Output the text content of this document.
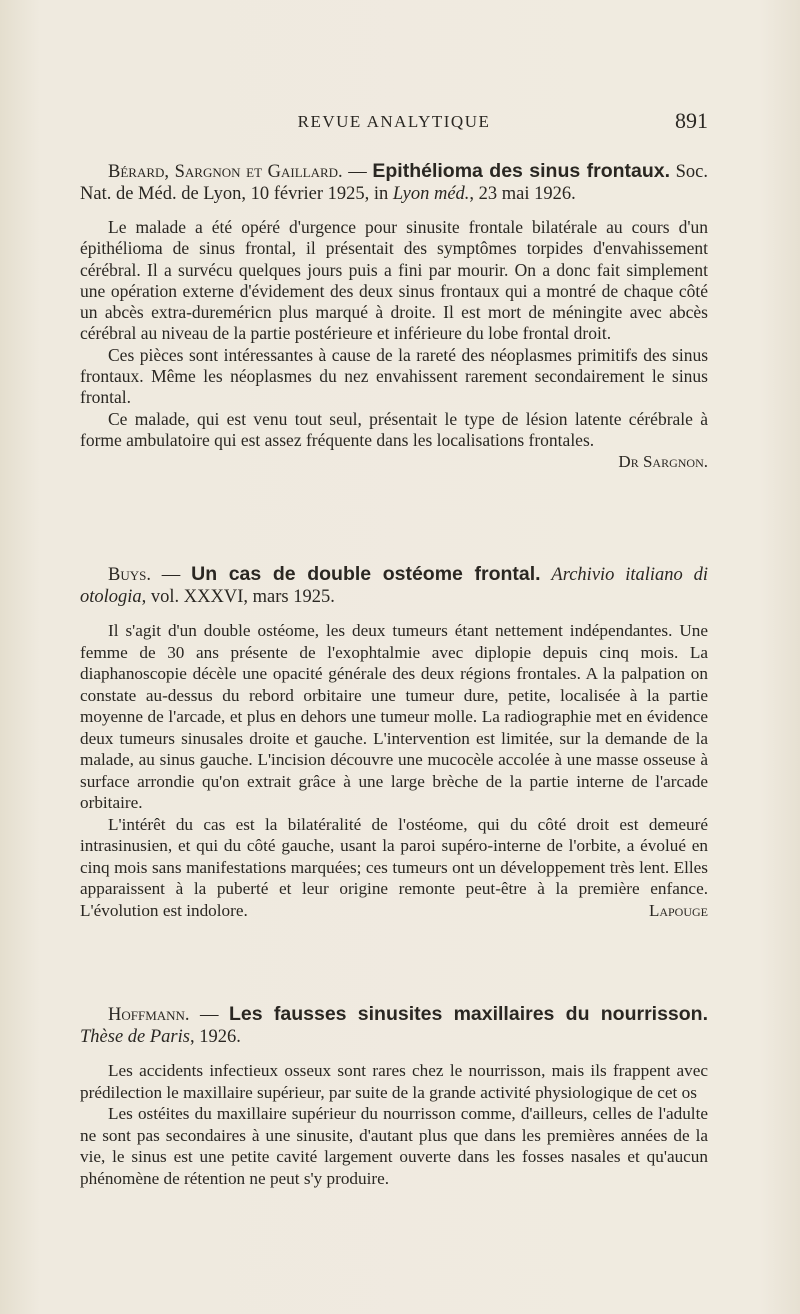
REVUE ANALYTIQUE	891

Bérard, Sargnon et Gaillard. — Epithélioma des sinus frontaux. Soc. Nat. de Méd. de Lyon, 10 février 1925, in Lyon méd., 23 mai 1926.

Le malade a été opéré d'urgence pour sinusite frontale bilatérale au cours d'un épithélioma de sinus frontal, il présentait des symptômes torpides d'envahissement cérébral. Il a survécu quelques jours puis a fini par mourir. On a donc fait simplement une opération externe d'évidement des deux sinus frontaux qui a montré de chaque côté un abcès extra-dureméricn plus marqué à droite. Il est mort de méningite avec abcès cérébral au niveau de la partie postérieure et inférieure du lobe frontal droit.

Ces pièces sont intéressantes à cause de la rareté des néoplasmes primitifs des sinus frontaux. Même les néoplasmes du nez envahissent rarement secondairement le sinus frontal.

Ce malade, qui est venu tout seul, présentait le type de lésion latente cérébrale à forme ambulatoire qui est assez fréquente dans les localisations frontales.
Dr Sargnon.

Buys. — Un cas de double ostéome frontal. Archivio italiano di otologia, vol. XXXVI, mars 1925.

Il s'agit d'un double ostéome, les deux tumeurs étant nettement indépendantes. Une femme de 30 ans présente de l'exophtalmie avec diplopie depuis cinq mois. La diaphanoscopie décèle une opacité générale des deux régions frontales. A la palpation on constate au-dessus du rebord orbitaire une tumeur dure, petite, localisée à la partie moyenne de l'arcade, et plus en dehors une tumeur molle. La radiographie met en évidence deux tumeurs sinusales droite et gauche. L'intervention est limitée, sur la demande de la malade, au sinus gauche. L'incision découvre une mucocèle accolée à une masse osseuse à surface arrondie qu'on extrait grâce à une large brèche de la partie interne de l'arcade orbitaire.

L'intérêt du cas est la bilatéralité de l'ostéome, qui du côté droit est demeuré intrasinusien, et qui du côté gauche, usant la paroi supéro-interne de l'orbite, a évolué en cinq mois sans manifestations marquées; ces tumeurs ont un développement très lent. Elles apparaissent à la puberté et leur origine remonte peut-être à la première enfance. L'évolution est indolore.	Lapouge

Hoffmann. — Les fausses sinusites maxillaires du nourrisson. Thèse de Paris, 1926.

Les accidents infectieux osseux sont rares chez le nourrisson, mais ils frappent avec prédilection le maxillaire supérieur, par suite de la grande activité physiologique de cet os

Les ostéites du maxillaire supérieur du nourrisson comme, d'ailleurs, celles de l'adulte ne sont pas secondaires à une sinusite, d'autant plus que dans les premières années de la vie, le sinus est une petite cavité largement ouverte dans les fosses nasales et qu'aucun phénomène de rétention ne peut s'y produire.
